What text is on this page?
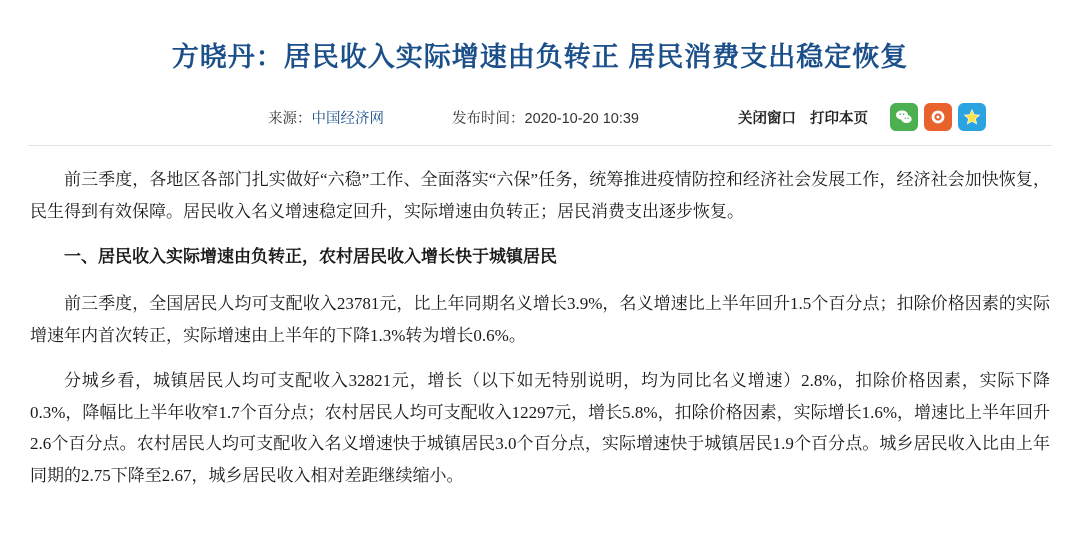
方晓丹：居民收入实际增速由负转正 居民消费支出稳定恢复
来源：中国经济网	发布时间：2020-10-20 10:39	关闭窗口 打印本页

前三季度，各地区各部门扎实做好“六稳”工作、全面落实“六保”任务，统筹推进疫情防控和经济社会发展工作，经济社会加快恢复，民生得到有效保障。居民收入名义增速稳定回升，实际增速由负转正；居民消费支出逐步恢复。

一、居民收入实际增速由负转正，农村居民收入增长快于城镇居民

前三季度，全国居民人均可支配收入23781元，比上年同期名义增长3.9%，名义增速比上半年回升1.5个百分点；扣除价格因素的实际增速年内首次转正，实际增速由上半年的下降1.3%转为增长0.6%。

分城乡看，城镇居民人均可支配收入32821元，增长（以下如无特别说明，均为同比名义增速）2.8%，扣除价格因素，实际下降0.3%，降幅比上半年收窄1.7个百分点；农村居民人均可支配收入12297元，增长5.8%，扣除价格因素，实际增长1.6%，增速比上半年回升2.6个百分点。农村居民人均可支配收入名义增速快于城镇居民3.0个百分点，实际增速快于城镇居民1.9个百分点。城乡居民收入比由上年同期的2.75下降至2.67，城乡居民收入相对差距继续缩小。
